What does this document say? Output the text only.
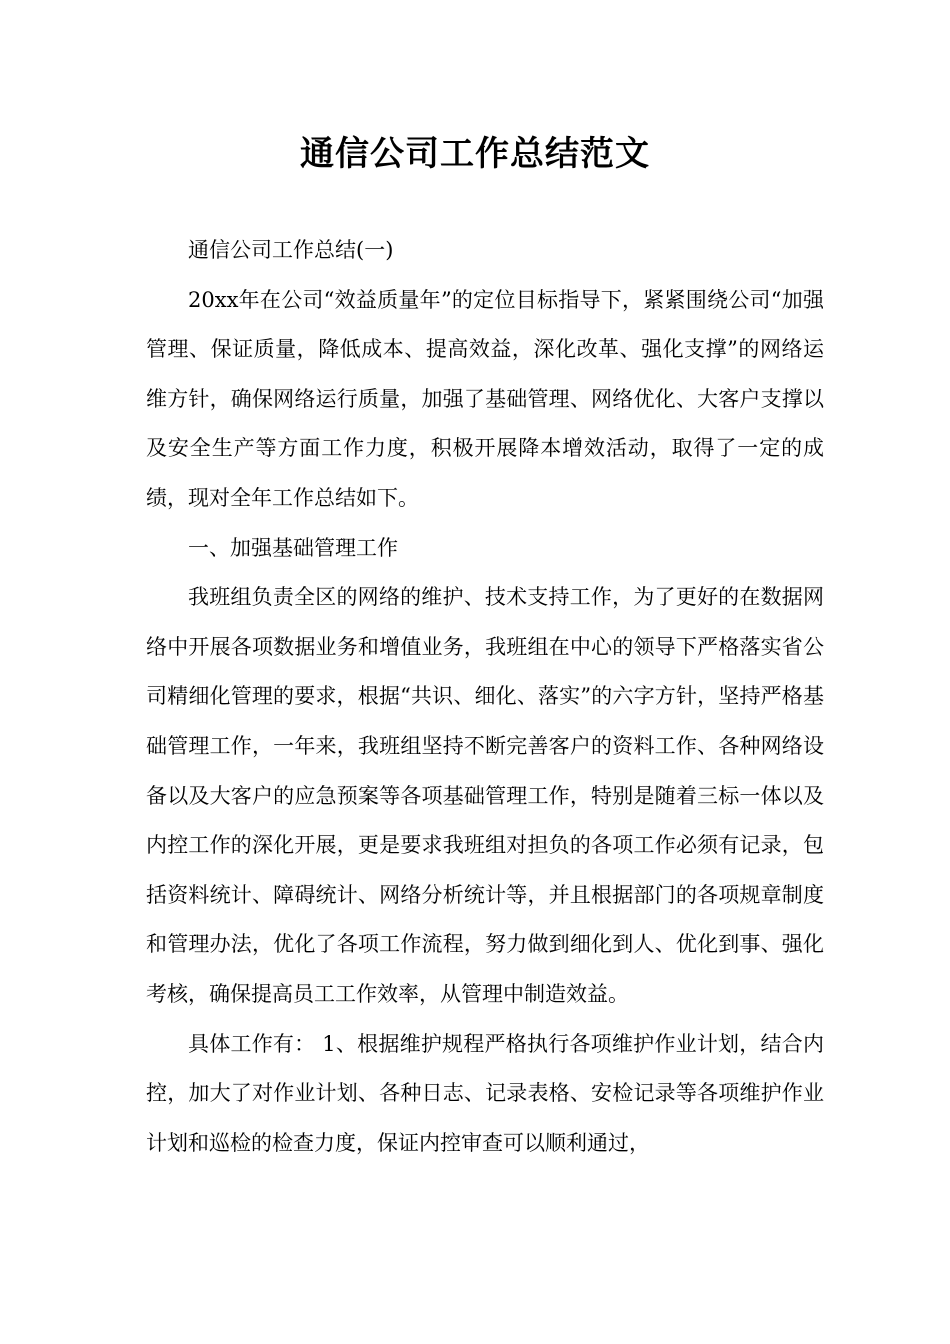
通信公司工作总结范文

通信公司工作总结(一)

20xx年在公司“效益质量年”的定位目标指导下，紧紧围绕公司“加强管理、保证质量，降低成本、提高效益，深化改革、强化支撑”的网络运维方针，确保网络运行质量，加强了基础管理、网络优化、大客户支撑以及安全生产等方面工作力度，积极开展降本增效活动，取得了一定的成绩，现对全年工作总结如下。

一、加强基础管理工作

我班组负责全区的网络的维护、技术支持工作，为了更好的在数据网络中开展各项数据业务和增值业务，我班组在中心的领导下严格落实省公司精细化管理的要求，根据“共识、细化、落实”的六字方针，坚持严格基础管理工作，一年来，我班组坚持不断完善客户的资料工作、各种网络设备以及大客户的应急预案等各项基础管理工作，特别是随着三标一体以及内控工作的深化开展，更是要求我班组对担负的各项工作必须有记录，包括资料统计、障碍统计、网络分析统计等，并且根据部门的各项规章制度和管理办法，优化了各项工作流程，努力做到细化到人、优化到事、强化考核，确保提高员工工作效率，从管理中制造效益。

具体工作有： 1、根据维护规程严格执行各项维护作业计划，结合内控，加大了对作业计划、各种日志、记录表格、安检记录等各项维护作业计划和巡检的检查力度，保证内控审查可以顺利通过，
